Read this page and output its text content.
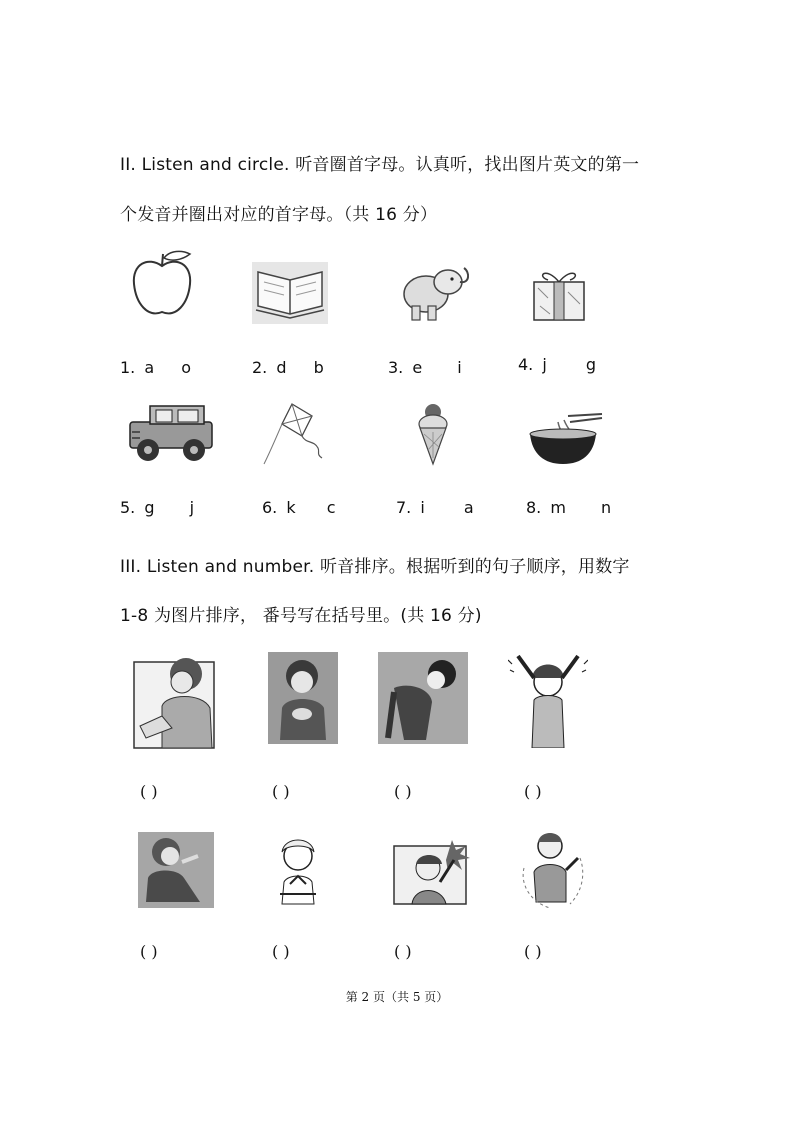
II. Listen and circle. 听音圈首字母。认真听，找出图片英文的第一
个发音并圈出对应的首字母。（共 16 分）
1. a o	2. d b	3. e i	4. j g
5. g j	6. k c	7. i a	8. m n
III. Listen and number. 听音排序。根据听到的句子顺序，用数字
1-8 为图片排序， 番号写在括号里。(共 16 分)
( )	( )	( )	( )
( )	( )	( )	( )
第 2 页（共 5 页）
